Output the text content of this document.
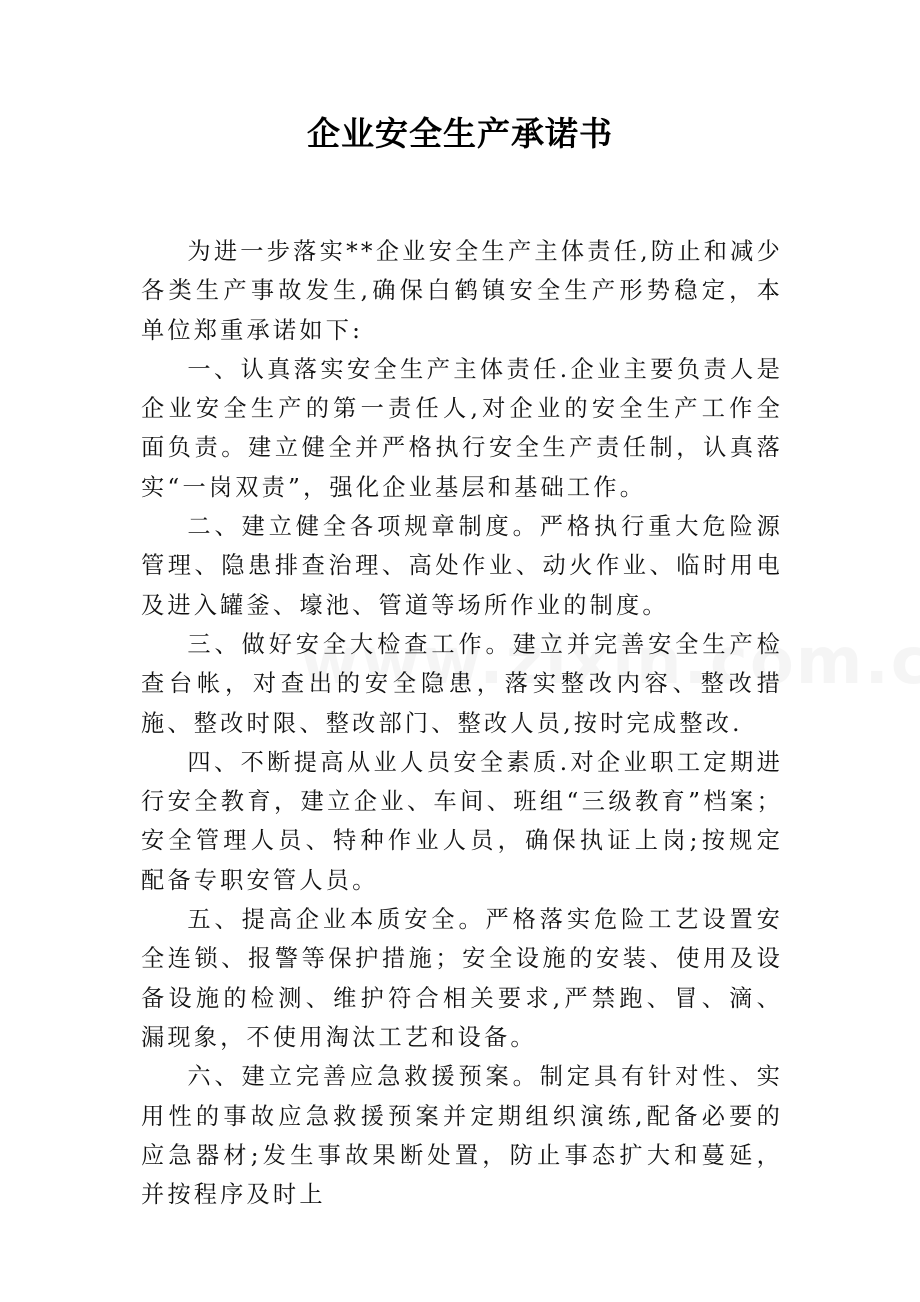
企业安全生产承诺书

为进一步落实**企业安全生产主体责任,防止和减少各类生产事故发生,确保白鹤镇安全生产形势稳定，本单位郑重承诺如下:

一、认真落实安全生产主体责任.企业主要负责人是企业安全生产的第一责任人,对企业的安全生产工作全面负责。建立健全并严格执行安全生产责任制，认真落实“一岗双责”，强化企业基层和基础工作。

二、建立健全各项规章制度。严格执行重大危险源管理、隐患排查治理、高处作业、动火作业、临时用电及进入罐釜、壕池、管道等场所作业的制度。

三、做好安全大检查工作。建立并完善安全生产检查台帐，对查出的安全隐患，落实整改内容、整改措施、整改时限、整改部门、整改人员,按时完成整改.

四、不断提高从业人员安全素质.对企业职工定期进行安全教育，建立企业、车间、班组“三级教育”档案；安全管理人员、特种作业人员，确保执证上岗;按规定配备专职安管人员。

五、提高企业本质安全。严格落实危险工艺设置安全连锁、报警等保护措施；安全设施的安装、使用及设备设施的检测、维护符合相关要求,严禁跑、冒、滴、漏现象，不使用淘汰工艺和设备。

六、建立完善应急救援预案。制定具有针对性、实用性的事故应急救援预案并定期组织演练,配备必要的应急器材;发生事故果断处置，防止事态扩大和蔓延，并按程序及时上
